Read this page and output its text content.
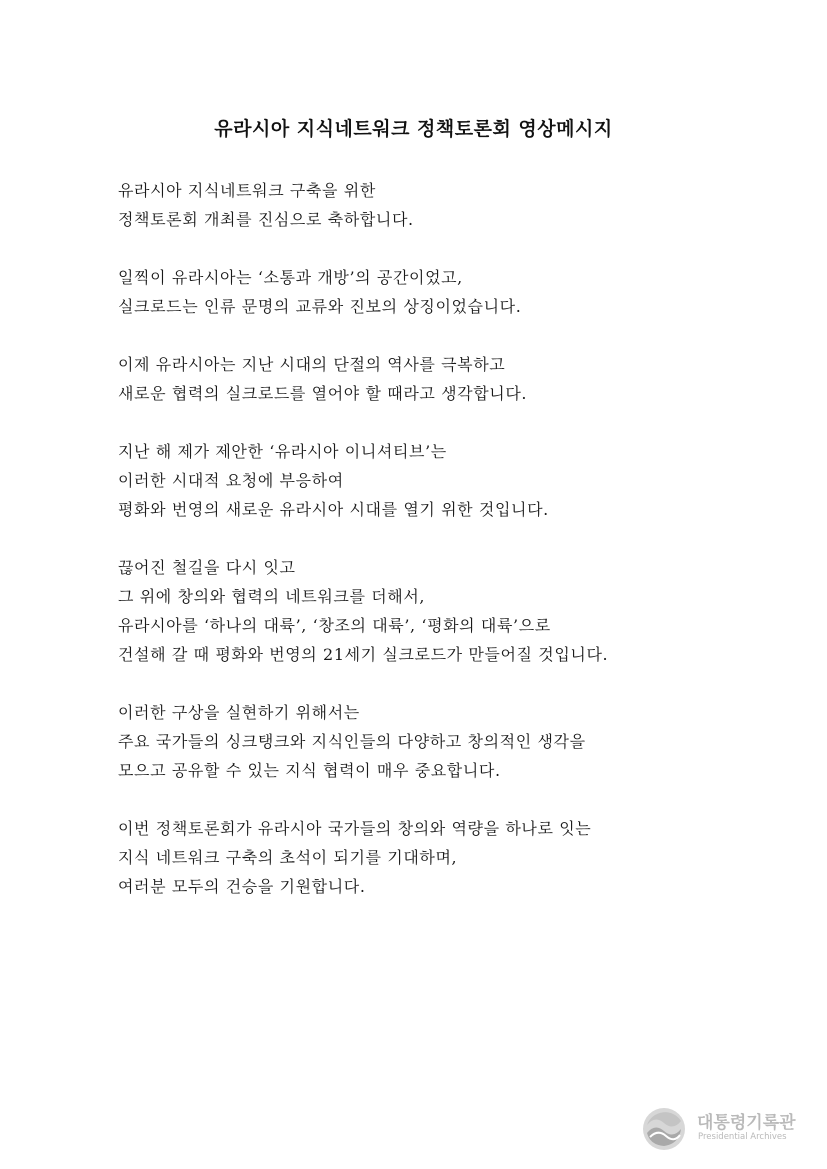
유라시아 지식네트워크 정책토론회 영상메시지
유라시아 지식네트워크 구축을 위한
정책토론회 개최를 진심으로 축하합니다.
일찍이 유라시아는 ‘소통과 개방’의 공간이었고,
실크로드는 인류 문명의 교류와 진보의 상징이었습니다.
이제 유라시아는 지난 시대의 단절의 역사를 극복하고
새로운 협력의 실크로드를 열어야 할 때라고 생각합니다.
지난 해 제가 제안한 ‘유라시아 이니셔티브’는
이러한 시대적 요청에 부응하여
평화와 번영의 새로운 유라시아 시대를 열기 위한 것입니다.
끊어진 철길을 다시 잇고
그 위에 창의와 협력의 네트워크를 더해서,
유라시아를 ‘하나의 대륙’, ‘창조의 대륙’, ‘평화의 대륙’으로
건설해 갈 때 평화와 번영의 21세기 실크로드가 만들어질 것입니다.
이러한 구상을 실현하기 위해서는
주요 국가들의 싱크탱크와 지식인들의 다양하고 창의적인 생각을
모으고 공유할 수 있는 지식 협력이 매우 중요합니다.
이번 정책토론회가 유라시아 국가들의 창의와 역량을 하나로 잇는
지식 네트워크 구축의 초석이 되기를 기대하며,
여러분 모두의 건승을 기원합니다.
대통령기록관
Presidential Archives
